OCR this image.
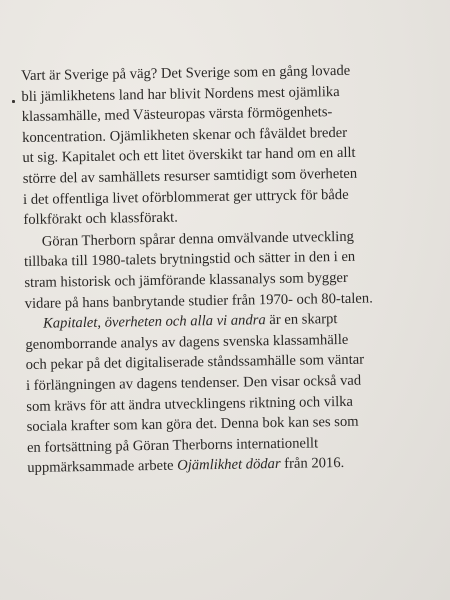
Vart är Sverige på väg? Det Sverige som en gång lovade
bli jämlikhetens land har blivit Nordens mest ojämlika
klassamhälle, med Västeuropas värsta förmögenhets-
koncentration. Ojämlikheten skenar och fåväldet breder
ut sig. Kapitalet och ett litet överskikt tar hand om en allt
större del av samhällets resurser samtidigt som överheten
i det offentliga livet oförblommerat ger uttryck för både
folkförakt och klassförakt.

Göran Therborn spårar denna omvälvande utveckling
tillbaka till 1980-talets brytningstid och sätter in den i en
stram historisk och jämförande klassanalys som bygger
vidare på hans banbrytande studier från 1970- och 80-talen.

Kapitalet, överheten och alla vi andra är en skarpt
genomborrande analys av dagens svenska klassamhälle
och pekar på det digitaliserade ståndssamhälle som väntar
i förlängningen av dagens tendenser. Den visar också vad
som krävs för att ändra utvecklingens riktning och vilka
sociala krafter som kan göra det. Denna bok kan ses som
en fortsättning på Göran Therborns internationellt
uppmärksammade arbete Ojämlikhet dödar från 2016.
